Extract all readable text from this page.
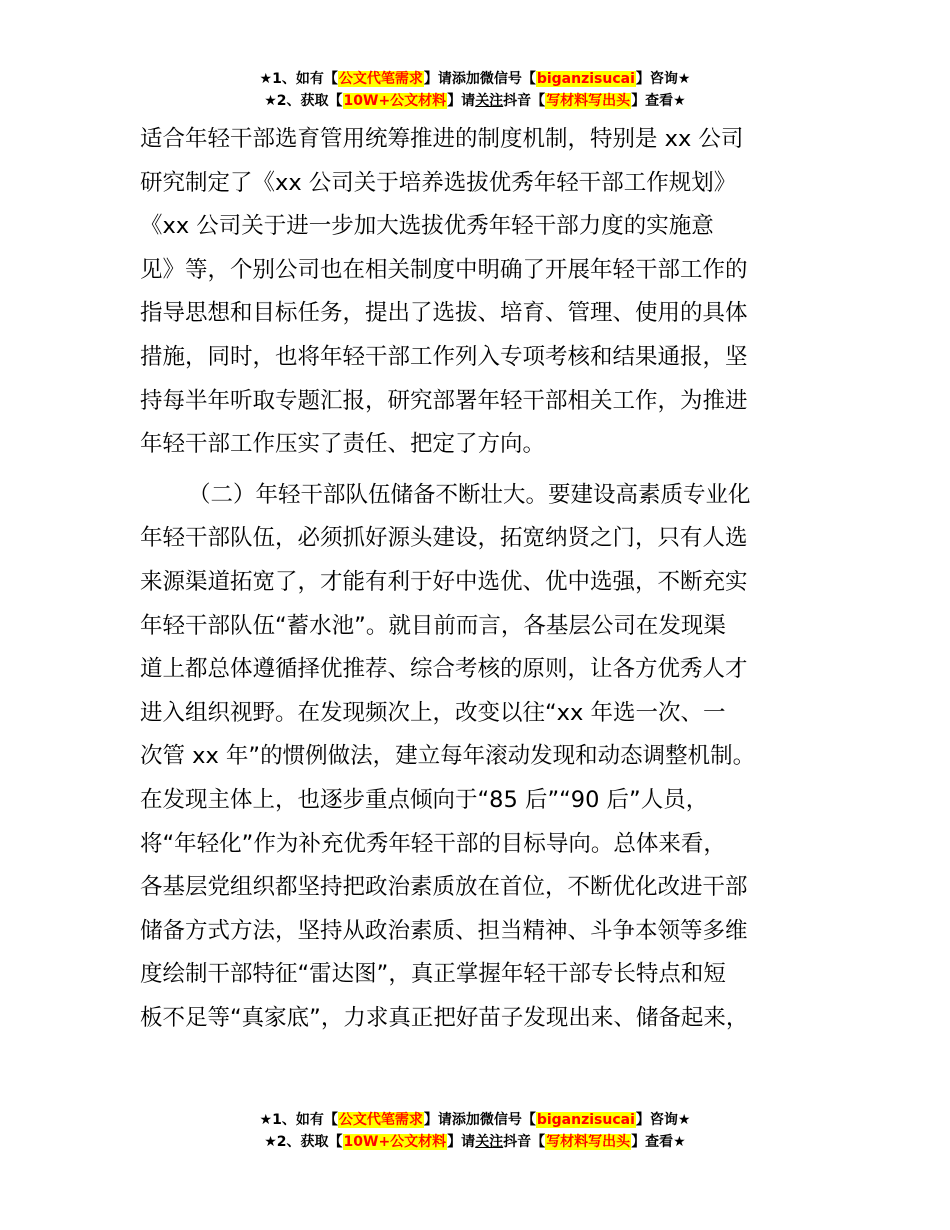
★1、如有【公文代笔需求】请添加微信号【biganzisucai】咨询★
★2、获取【10W+公文材料】请关注抖音【写材料写出头】查看★
适合年轻干部选育管用统筹推进的制度机制，特别是 xx 公司
研究制定了《xx 公司关于培养选拔优秀年轻干部工作规划》
《xx 公司关于进一步加大选拔优秀年轻干部力度的实施意
见》等，个别公司也在相关制度中明确了开展年轻干部工作的
指导思想和目标任务，提出了选拔、培育、管理、使用的具体
措施，同时，也将年轻干部工作列入专项考核和结果通报，坚
持每半年听取专题汇报，研究部署年轻干部相关工作，为推进
年轻干部工作压实了责任、把定了方向。
（二）年轻干部队伍储备不断壮大。要建设高素质专业化
年轻干部队伍，必须抓好源头建设，拓宽纳贤之门，只有人选
来源渠道拓宽了，才能有利于好中选优、优中选强，不断充实
年轻干部队伍“蓄水池”。就目前而言，各基层公司在发现渠
道上都总体遵循择优推荐、综合考核的原则，让各方优秀人才
进入组织视野。在发现频次上，改变以往“xx 年选一次、一
次管 xx 年”的惯例做法，建立每年滚动发现和动态调整机制。
在发现主体上，也逐步重点倾向于“85 后”“90 后”人员，
将“年轻化”作为补充优秀年轻干部的目标导向。总体来看，
各基层党组织都坚持把政治素质放在首位，不断优化改进干部
储备方式方法，坚持从政治素质、担当精神、斗争本领等多维
度绘制干部特征“雷达图”，真正掌握年轻干部专长特点和短
板不足等“真家底”，力求真正把好苗子发现出来、储备起来，
★1、如有【公文代笔需求】请添加微信号【biganzisucai】咨询★
★2、获取【10W+公文材料】请关注抖音【写材料写出头】查看★
